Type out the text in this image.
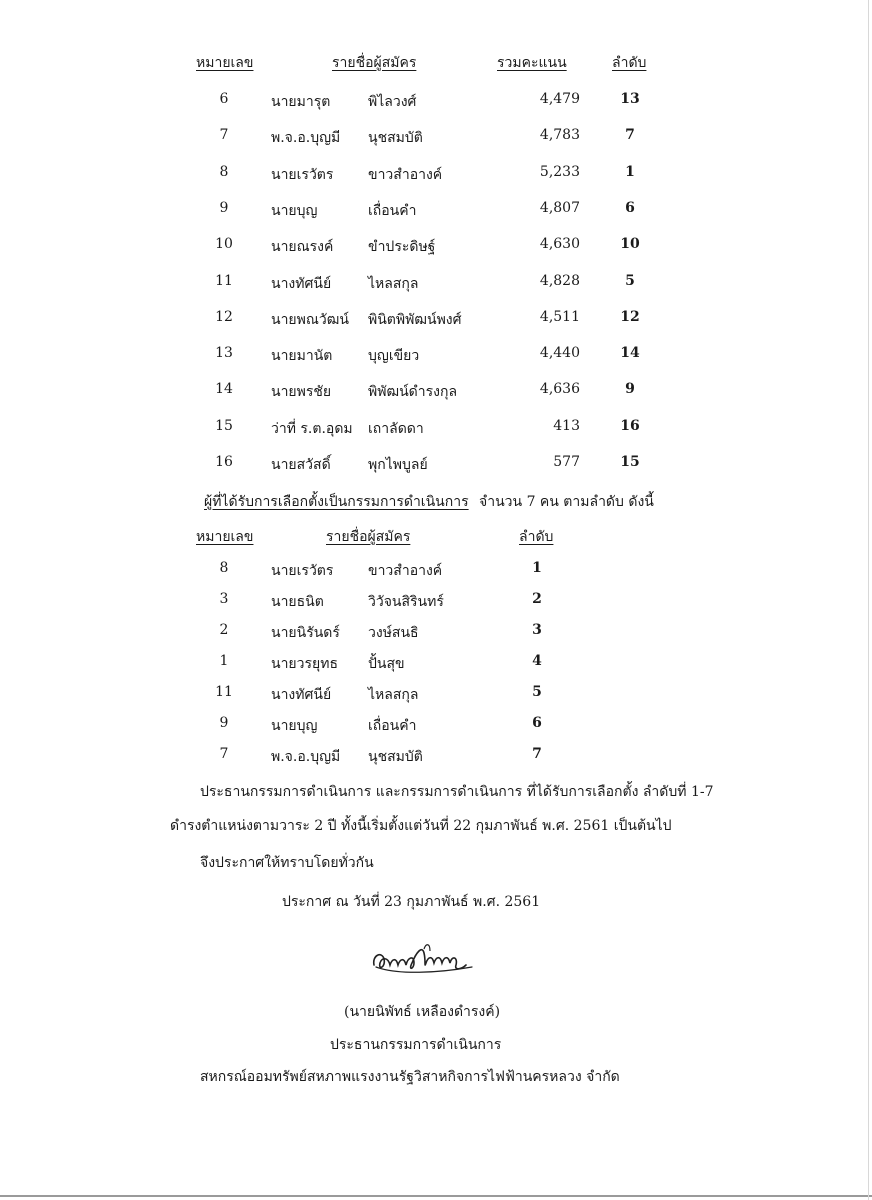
หมายเลข	รายชื่อผู้สมัคร	รวมคะแนน	ลำดับ
6	นายมารุต	พิไลวงศ์	4,479	13
7	พ.จ.อ.บุญมี นุชสมบัติ	4,783	7
8	นายเรวัตร ขาวสำอางค์	5,233	1
9	นายบุญ	เถื่อนคำ	4,807	6
10	นายณรงค์ ขำประดิษฐ์	4,630	10
11	นางทัศนีย์	ไหลสกุล	4,828	5
12	นายพณวัฒน์ พินิตพิพัฒน์พงศ์	4,511	12
13	นายมานัต	บุญเขียว	4,440	14
14	นายพรชัย	พิพัฒน์ดำรงกุล	4,636	9
15	ว่าที่ ร.ต.อุดม เถาลัดดา	413	16
16	นายสวัสดิ์	พุกไพบูลย์	577	15
ผู้ที่ได้รับการเลือกตั้งเป็นกรรมการดำเนินการ จำนวน 7 คน ตามลำดับ ดังนี้
หมายเลข	รายชื่อผู้สมัคร	ลำดับ
8	นายเรวัตร ขาวสำอางค์	1
3	นายธนิต	วิวัจนสิรินทร์	2
2	นายนิรันดร์ วงษ์สนธิ	3
1	นายวรยุทธ ปั้นสุข	4
11	นางทัศนีย์	ไหลสกุล	5
9	นายบุญ	เถื่อนคำ	6
7	พ.จ.อ.บุญมี นุชสมบัติ	7
ประธานกรรมการดำเนินการ และกรรมการดำเนินการ ที่ได้รับการเลือกตั้ง ลำดับที่ 1-7
ดำรงตำแหน่งตามวาระ 2 ปี ทั้งนี้เริ่มตั้งแต่วันที่ 22 กุมภาพันธ์ พ.ศ. 2561 เป็นต้นไป
จึงประกาศให้ทราบโดยทั่วกัน
ประกาศ ณ วันที่ 23 กุมภาพันธ์ พ.ศ. 2561
(นายนิพัทธ์ เหลืองดำรงค์)
ประธานกรรมการดำเนินการ
สหกรณ์ออมทรัพย์สหภาพแรงงานรัฐวิสาหกิจการไฟฟ้านครหลวง จำกัด
